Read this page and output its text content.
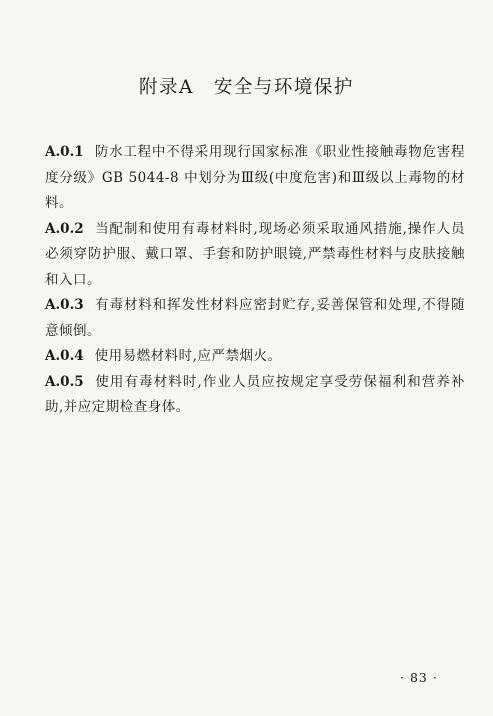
附录A 安全与环境保护

A.0.1 防水工程中不得采用现行国家标准《职业性接触毒物危害程度分级》GB 5044-8 中划分为Ⅲ级(中度危害)和Ⅲ级以上毒物的材料。

A.0.2 当配制和使用有毒材料时,现场必须采取通风措施,操作人员必须穿防护服、戴口罩、手套和防护眼镜,严禁毒性材料与皮肤接触和入口。

A.0.3 有毒材料和挥发性材料应密封贮存,妥善保管和处理,不得随意倾倒。

A.0.4 使用易燃材料时,应严禁烟火。

A.0.5 使用有毒材料时,作业人员应按规定享受劳保福利和营养补助,并应定期检查身体。

· 83 ·
